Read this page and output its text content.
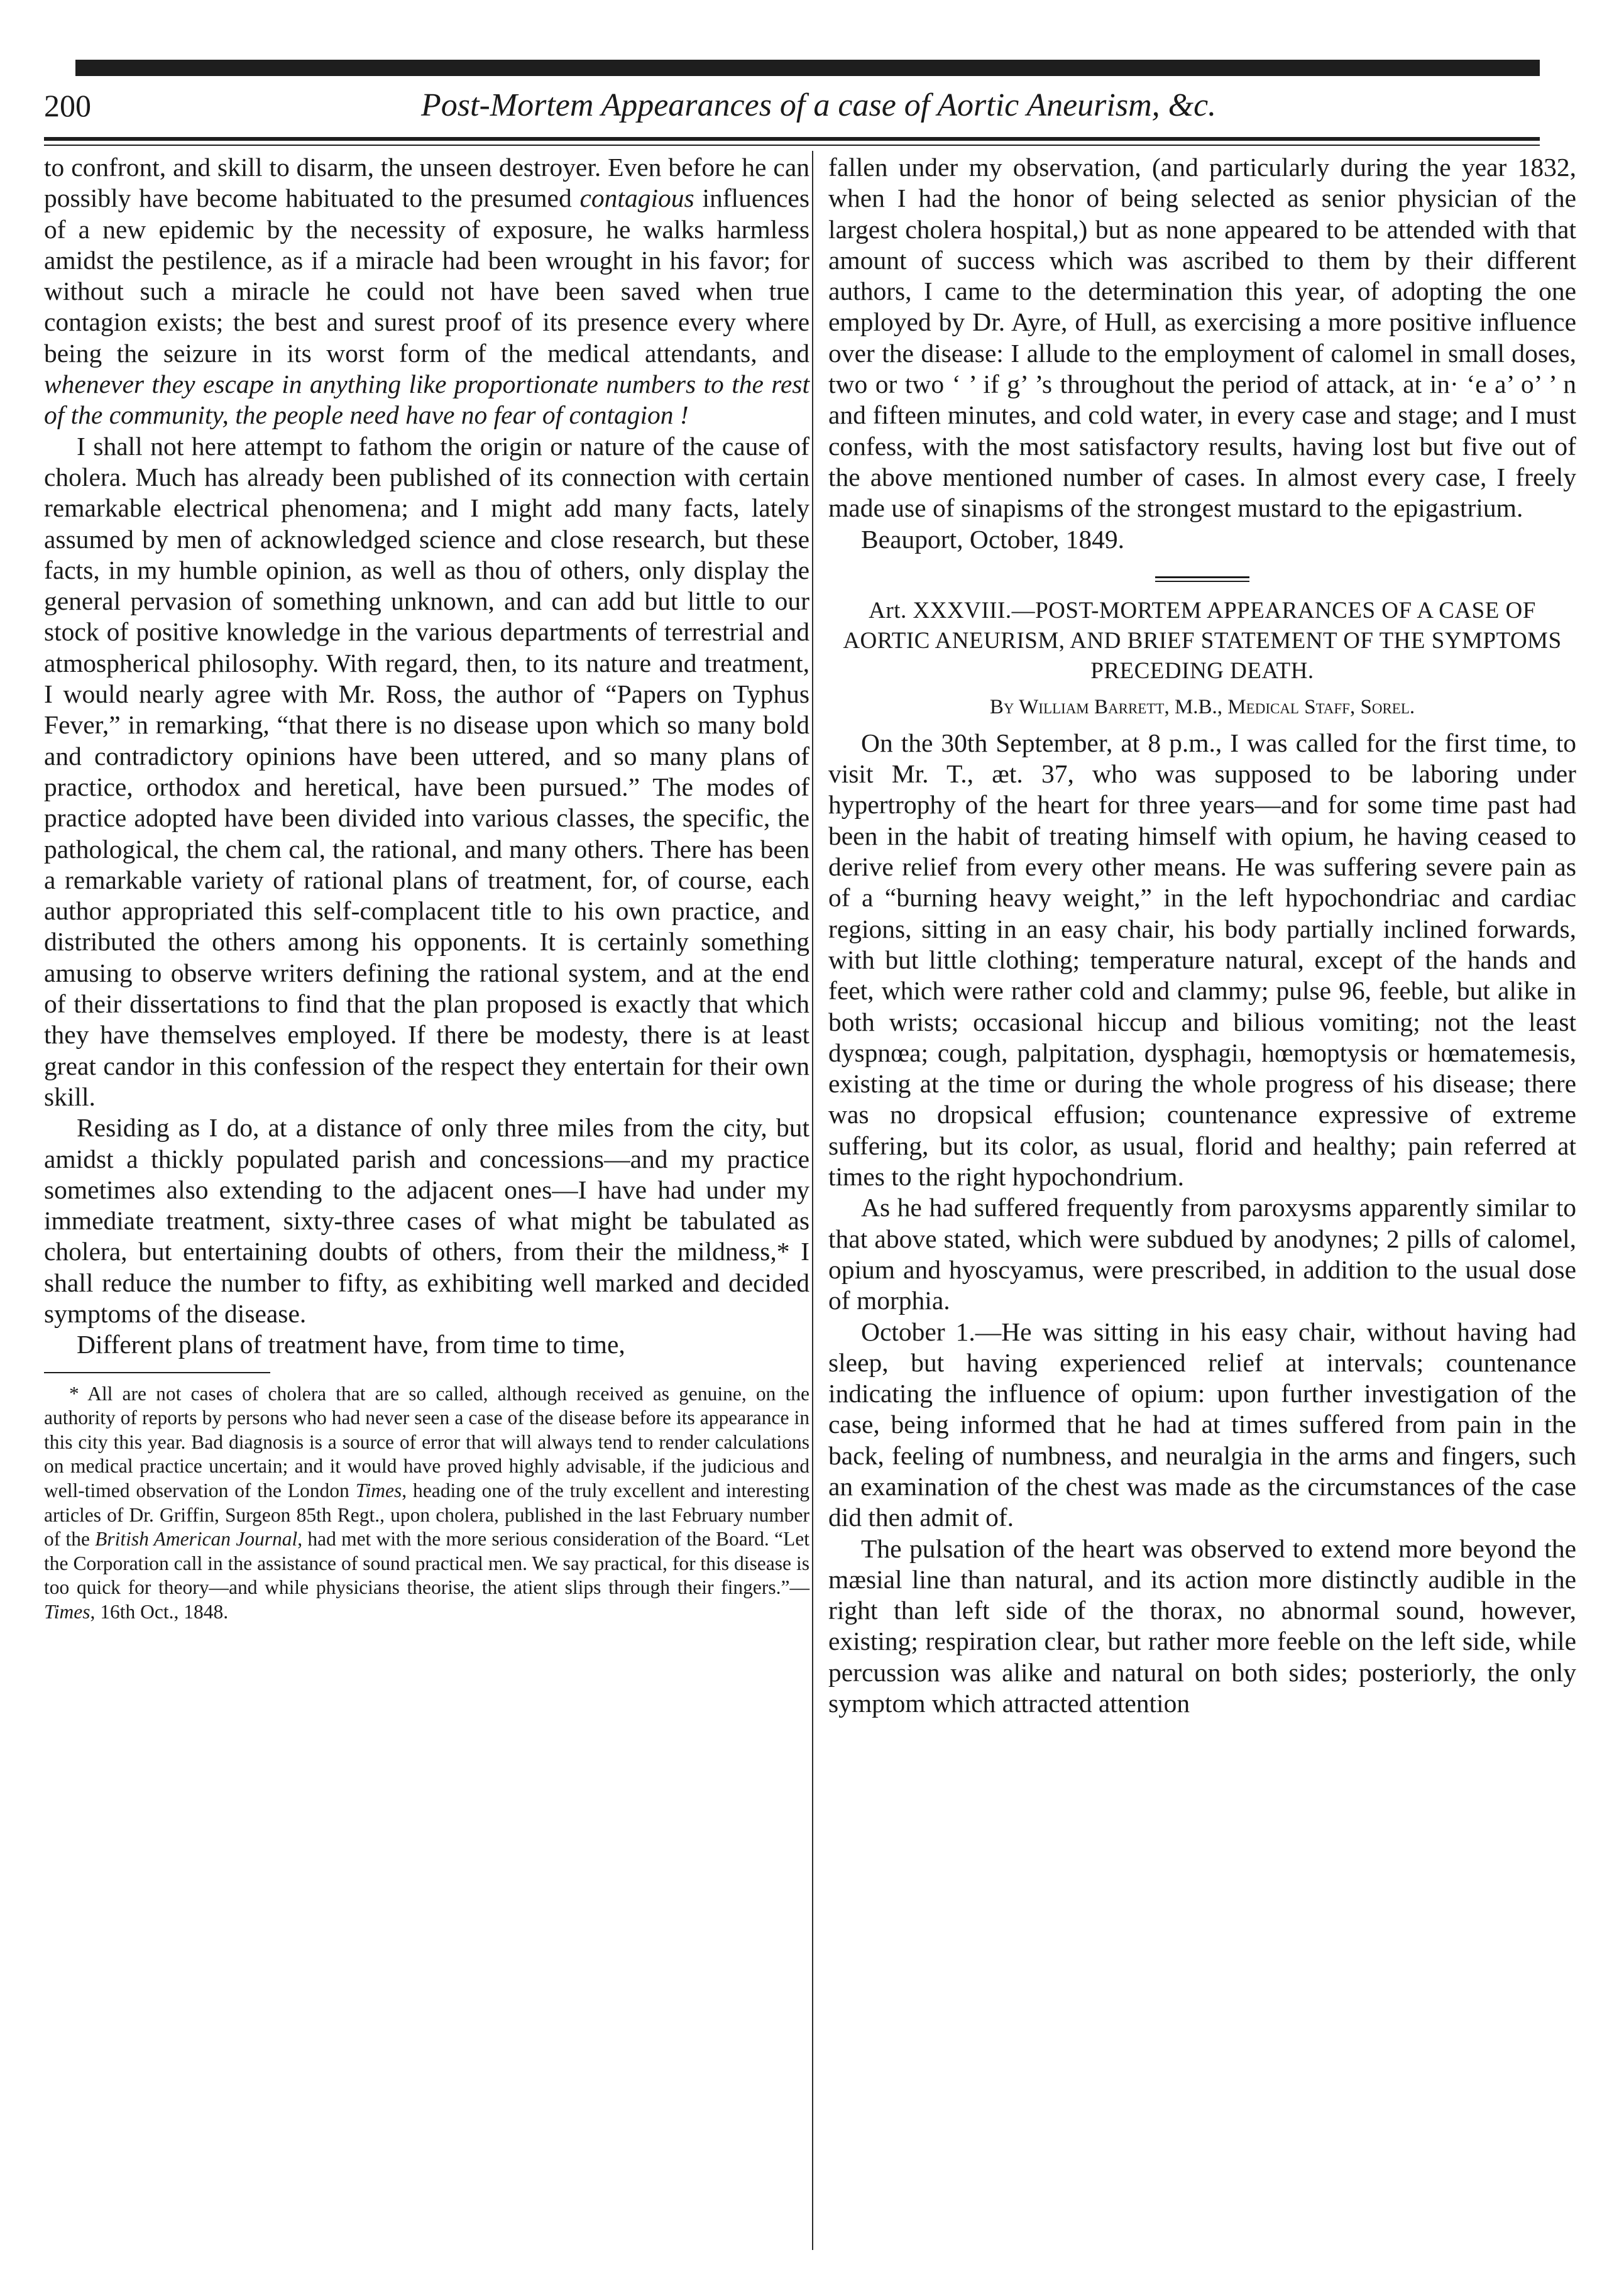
200	Post-Mortem Appearances of a case of Aortic Aneurism, &c.

to confront, and skill to disarm, the unseen destroyer. Even before he can possibly have become habituated to the presumed contagious influences of a new epidemic by the necessity of exposure, he walks harmless amidst the pestilence, as if a miracle had been wrought in his favor; for without such a miracle he could not have been saved when true contagion exists; the best and surest proof of its presence every where being the seizure in its worst form of the medical attendants, and whenever they escape in anything like proportionate numbers to the rest of the community, the people need have no fear of contagion !

I shall not here attempt to fathom the origin or nature of the cause of cholera. Much has already been published of its connection with certain remarkable electrical phenomena; and I might add many facts, lately assumed by men of acknowledged science and close research, but these facts, in my humble opinion, as well as thou of others, only display the general pervasion of something unknown, and can add but little to our stock of positive knowledge in the various departments of terrestrial and atmospherical philosophy. With regard, then, to its nature and treatment, I would nearly agree with Mr. Ross, the author of “Papers on Typhus Fever,” in remarking, “that there is no disease upon which so many bold and contradictory opinions have been uttered, and so many plans of practice, orthodox and heretical, have been pursued.” The modes of practice adopted have been divided into various classes, the specific, the pathological, the chem cal, the rational, and many others. There has been a remarkable variety of rational plans of treatment, for, of course, each author appropriated this self-complacent title to his own practice, and distributed the others among his opponents. It is certainly something amusing to observe writers defining the rational system, and at the end of their dissertations to find that the plan proposed is exactly that which they have themselves employed. If there be modesty, there is at least great candor in this confession of the respect they entertain for their own skill.

Residing as I do, at a distance of only three miles from the city, but amidst a thickly populated parish and concessions—and my practice sometimes also extending to the adjacent ones—I have had under my immediate treatment, sixty-three cases of what might be tabulated as cholera, but entertaining doubts of others, from their the mildness,* I shall reduce the number to fifty, as exhibiting well marked and decided symptoms of the disease.

Different plans of treatment have, from time to time,

* All are not cases of cholera that are so called, although received as genuine, on the authority of reports by persons who had never seen a case of the disease before its appearance in this city this year. Bad diagnosis is a source of error that will always tend to render calculations on medical practice uncertain; and it would have proved highly advisable, if the judicious and well-timed observation of the London Times, heading one of the truly excellent and interesting articles of Dr. Griffin, Surgeon 85th Regt., upon cholera, published in the last February number of the British American Journal, had met with the more serious consideration of the Board. “Let the Corporation call in the assistance of sound practical men. We say practical, for this disease is too quick for theory—and while physicians theorise, the atient slips through their fingers.”—Times, 16th Oct., 1848.

fallen under my observation, (and particularly during the year 1832, when I had the honor of being selected as senior physician of the largest cholera hospital,) but as none appeared to be attended with that amount of success which was ascribed to them by their different authors, I came to the determination this year, of adopting the one employed by Dr. Ayre, of Hull, as exercising a more positive influence over the disease: I allude to the employment of calomel in small doses, two or two ‘ ’ if g’ ’s throughout the period of attack, at in· ‘e a’ o’ ’ n and fifteen minutes, and cold water, in every case and stage; and I must confess, with the most satisfactory results, having lost but five out of the above mentioned number of cases. In almost every case, I freely made use of sinapisms of the strongest mustard to the epigastrium.

Beauport, October, 1849.

Art. XXXVIII.—POST-MORTEM APPEARANCES OF A CASE OF AORTIC ANEURISM, AND BRIEF STATEMENT OF THE SYMPTOMS PRECEDING DEATH.

By William Barrett, M.B., Medical Staff, Sorel.

On the 30th September, at 8 p.m., I was called for the first time, to visit Mr. T., æt. 37, who was supposed to be laboring under hypertrophy of the heart for three years—and for some time past had been in the habit of treating himself with opium, he having ceased to derive relief from every other means. He was suffering severe pain as of a “burning heavy weight,” in the left hypochondriac and cardiac regions, sitting in an easy chair, his body partially inclined forwards, with but little clothing; temperature natural, except of the hands and feet, which were rather cold and clammy; pulse 96, feeble, but alike in both wrists; occasional hiccup and bilious vomiting; not the least dyspnœa; cough, palpitation, dysphagiı, hœmoptysis or hœmatemesis, existing at the time or during the whole progress of his disease; there was no dropsical effusion; countenance expressive of extreme suffering, but its color, as usual, florid and healthy; pain referred at times to the right hypochondrium.

As he had suffered frequently from paroxysms apparently similar to that above stated, which were subdued by anodynes; 2 pills of calomel, opium and hyoscyamus, were prescribed, in addition to the usual dose of morphia.

October 1.—He was sitting in his easy chair, without having had sleep, but having experienced relief at intervals; countenance indicating the influence of opium: upon further investigation of the case, being informed that he had at times suffered from pain in the back, feeling of numbness, and neuralgia in the arms and fingers, such an examination of the chest was made as the circumstances of the case did then admit of.

The pulsation of the heart was observed to extend more beyond the mæsial line than natural, and its action more distinctly audible in the right than left side of the thorax, no abnormal sound, however, existing; respiration clear, but rather more feeble on the left side, while percussion was alike and natural on both sides; posteriorly, the only symptom which attracted attention
